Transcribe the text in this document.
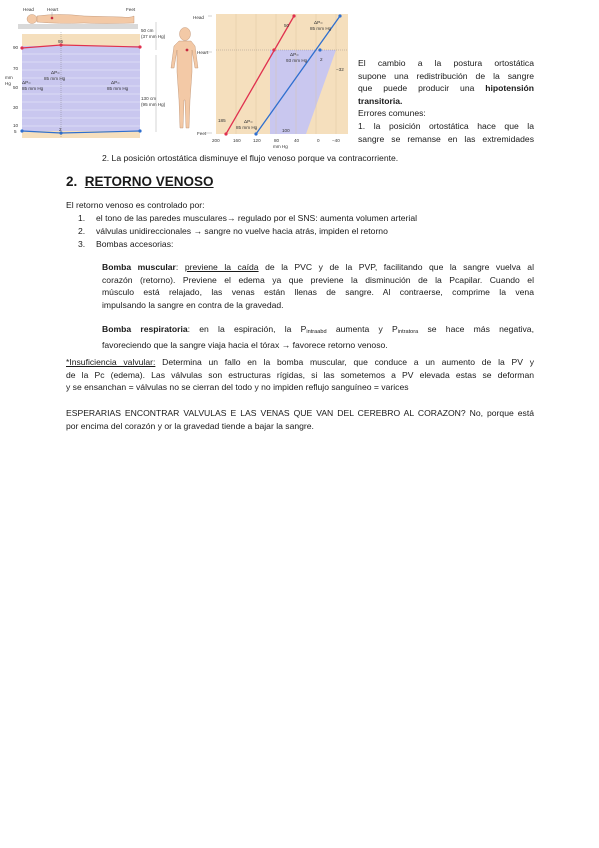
Head	Heart	Feet
mm
Hg
90
70
50
30
10
5
95
2
ΔP=
85 mm Hg
ΔP=
85 mm Hg
ΔP=
85 mm Hg
Head
Heart
Feet
50 cm
(37 mm Hg)
130 cm
(95 mm Hg)
50
2
−32
185
100
ΔP=
85 mm Hg
ΔP=
93 mm Hg
ΔP=
85 mm Hg
200	160	120	80	40	0	−40
mm Hg
El cambio a la postura ortostática
supone una redistribución de la sangre
que puede producir una hipotensión
transitoria.
Errores comunes:
1. la posición ortostática hace que la
sangre se remanse en las extremidades
2. La posición ortostática disminuye el flujo venoso porque va contracorriente.
2. RETORNO VENOSO
El retorno venoso es controlado por:
1. el tono de las paredes musculares→ regulado por el SNS: aumenta volumen arterial
2. válvulas unidireccionales → sangre no vuelve hacia atrás, impiden el retorno
3. Bombas accesorias:
Bomba muscular: previene la caída de la PVC y de la PVP, facilitando que la sangre vuelva al
corazón (retorno). Previene el edema ya que previene la disminución de la Pcapilar. Cuando el
músculo está relajado, las venas están llenas de sangre. Al contraerse, comprime la vena
impulsando la sangre en contra de la gravedad.
Bomba respiratoria: en la espiración, la Pintraabd aumenta y Pintratora se hace más negativa,
favoreciendo que la sangre viaja hacia el tórax → favorece retorno venoso.
*Insuficiencia valvular: Determina un fallo en la bomba muscular, que conduce a un aumento de la PV y
de la Pc (edema). Las válvulas son estructuras rígidas, si las sometemos a PV elevada estas se deforman
y se ensanchan = válvulas no se cierran del todo y no impiden reflujo sanguíneo = varices
ESPERARIAS ENCONTRAR VALVULAS E LAS VENAS QUE VAN DEL CEREBRO AL CORAZON? No, porque está
por encima del corazón y or la gravedad tiende a bajar la sangre.
